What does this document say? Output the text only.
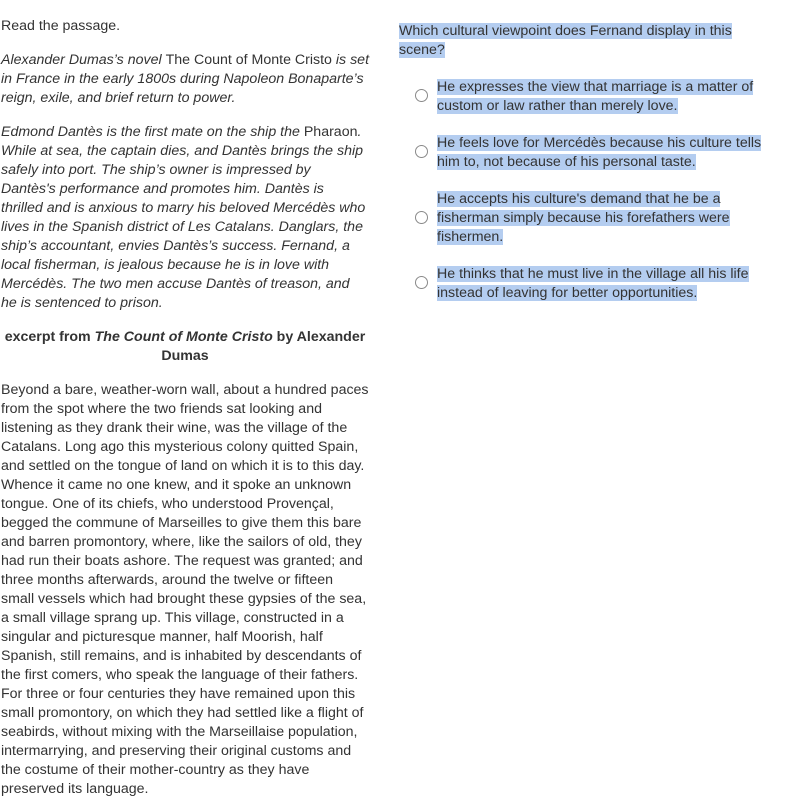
Read the passage.

Alexander Dumas’s novel The Count of Monte Cristo is set in France in the early 1800s during Napoleon Bonaparte’s reign, exile, and brief return to power.

Edmond Dantès is the first mate on the ship the Pharaon. While at sea, the captain dies, and Dantès brings the ship safely into port. The ship’s owner is impressed by Dantès's performance and promotes him. Dantès is thrilled and is anxious to marry his beloved Mercédès who lives in the Spanish district of Les Catalans. Danglars, the ship’s accountant, envies Dantès’s success. Fernand, a local fisherman, is jealous because he is in love with Mercédès. The two men accuse Dantès of treason, and he is sentenced to prison.

excerpt from The Count of Monte Cristo by Alexander Dumas

Beyond a bare, weather-worn wall, about a hundred paces from the spot where the two friends sat looking and listening as they drank their wine, was the village of the Catalans. Long ago this mysterious colony quitted Spain, and settled on the tongue of land on which it is to this day. Whence it came no one knew, and it spoke an unknown tongue. One of its chiefs, who understood Provençal, begged the commune of Marseilles to give them this bare and barren promontory, where, like the sailors of old, they had run their boats ashore. The request was granted; and three months afterwards, around the twelve or fifteen small vessels which had brought these gypsies of the sea, a small village sprang up. This village, constructed in a singular and picturesque manner, half Moorish, half Spanish, still remains, and is inhabited by descendants of the first comers, who speak the language of their fathers. For three or four centuries they have remained upon this small promontory, on which they had settled like a flight of seabirds, without mixing with the Marseillaise population, intermarrying, and preserving their original customs and the costume of their mother-country as they have preserved its language.

Which cultural viewpoint does Fernand display in this scene?
He expresses the view that marriage is a matter of custom or law rather than merely love.
He feels love for Mercédès because his culture tells him to, not because of his personal taste.
He accepts his culture's demand that he be a fisherman simply because his forefathers were fishermen.
He thinks that he must live in the village all his life instead of leaving for better opportunities.
